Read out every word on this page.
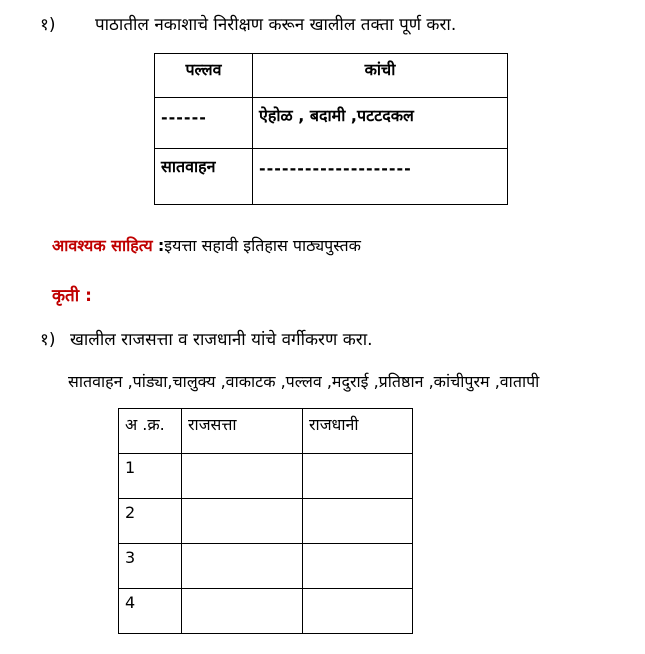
१) पाठातील नकाशाचे निरीक्षण करून खालील तक्ता पूर्ण करा.
पल्लव	कांची
------	ऐहोळ , बदामी ,पटटदकल
सातवाहन	--------------------
आवश्यक साहित्य :इयत्ता सहावी इतिहास पाठ्यपुस्तक
कृती :
१) खालील राजसत्ता व राजधानी यांचे वर्गीकरण करा.
सातवाहन ,पांड्या,चालुक्य ,वाकाटक ,पल्लव ,मदुराई ,प्रतिष्ठान ,कांचीपुरम ,वातापी
अ .क्र.	राजसत्ता	राजधानी
1		
2		
3		
4		
